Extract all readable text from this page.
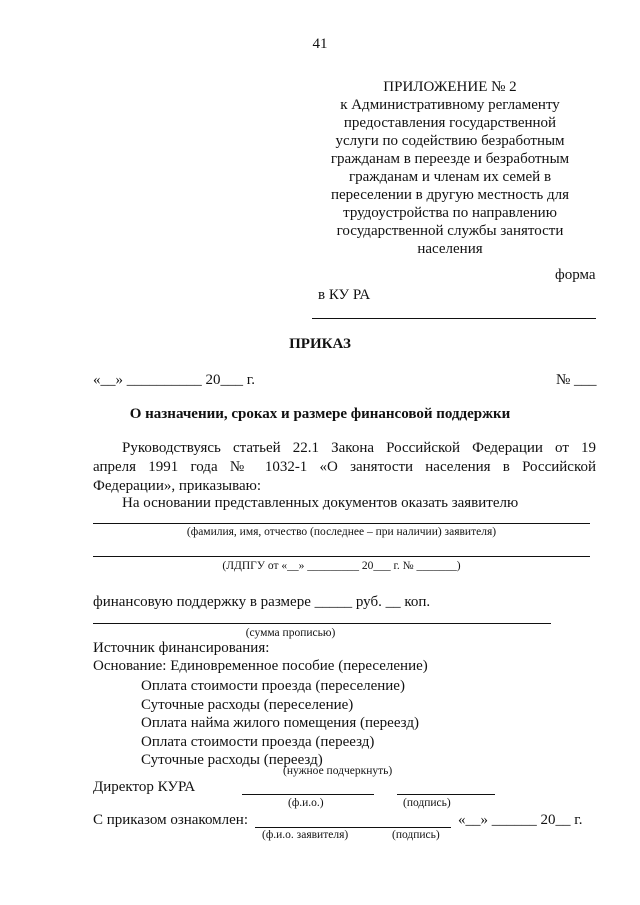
41
ПРИЛОЖЕНИЕ № 2
к Административному регламенту
предоставления государственной
услуги по содействию безработным
гражданам в переезде и безработным
гражданам и членам их семей в
переселении в другую местность для
трудоустройства по направлению
государственной службы занятости
населения
форма
в КУ РА
ПРИКАЗ
«__» __________ 20___ г.	№ ___
О назначении, сроках и размере финансовой поддержки
Руководствуясь статьей 22.1 Закона Российской Федерации от 19
апреля 1991 года № 1032-1 «О занятости населения в Российской
Федерации», приказываю:
На основании представленных документов оказать заявителю
(фамилия, имя, отчество (последнее – при наличии) заявителя)
(ЛДПГУ от «__» _________ 20___ г. № _______)
финансовую поддержку в размере _____ руб. __ коп.
(сумма прописью)
Источник финансирования:
Основание: Единовременное пособие (переселение)
Оплата стоимости проезда (переселение)
Суточные расходы (переселение)
Оплата найма жилого помещения (переезд)
Оплата стоимости проезда (переезд)
Суточные расходы (переезд)
(нужное подчеркнуть)
Директор КУРА
(ф.и.о.)	(подпись)
С приказом ознакомлен:	«__» ______ 20__ г.
(ф.и.о. заявителя)	(подпись)
